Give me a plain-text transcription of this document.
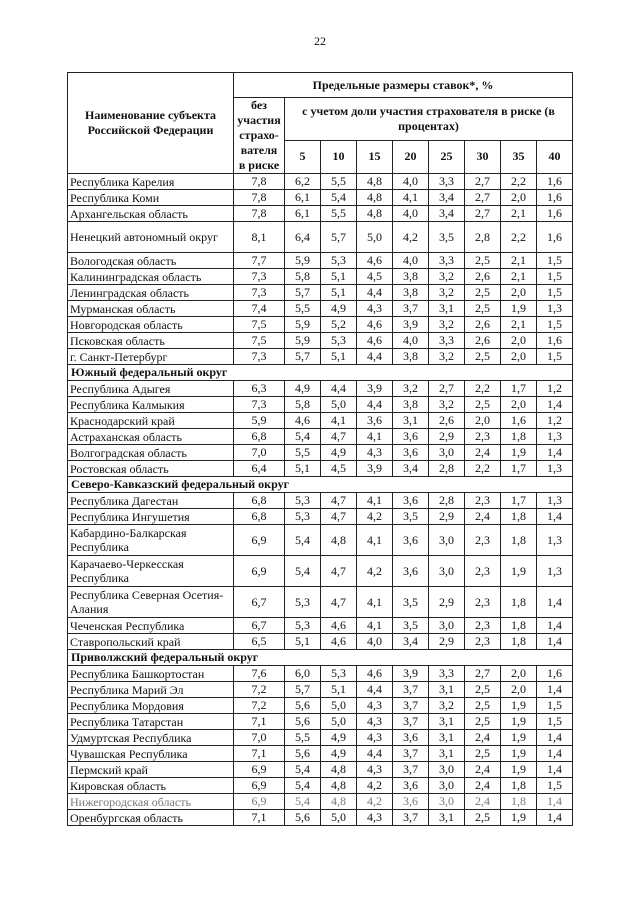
22
Наименование субъекта Российской Федерации	Предельные размеры ставок*, %								
	без участия страхо-вателя в риске	с учетом доли участия страхователя в риске (в процентах)							
		5	10	15	20	25	30	35	40
Республика Карелия	7,8	6,2	5,5	4,8	4,0	3,3	2,7	2,2	1,6
Республика Коми	7,8	6,1	5,4	4,8	4,1	3,4	2,7	2,0	1,6
Архангельская область	7,8	6,1	5,5	4,8	4,0	3,4	2,7	2,1	1,6
Ненецкий автономный округ	8,1	6,4	5,7	5,0	4,2	3,5	2,8	2,2	1,6
Вологодская область	7,7	5,9	5,3	4,6	4,0	3,3	2,5	2,1	1,5
Калининградская область	7,3	5,8	5,1	4,5	3,8	3,2	2,6	2,1	1,5
Ленинградская область	7,3	5,7	5,1	4,4	3,8	3,2	2,5	2,0	1,5
Мурманская область	7,4	5,5	4,9	4,3	3,7	3,1	2,5	1,9	1,3
Новгородская область	7,5	5,9	5,2	4,6	3,9	3,2	2,6	2,1	1,5
Псковская область	7,5	5,9	5,3	4,6	4,0	3,3	2,6	2,0	1,6
г. Санкт-Петербург	7,3	5,7	5,1	4,4	3,8	3,2	2,5	2,0	1,5
Южный федеральный округ									
Республика Адыгея	6,3	4,9	4,4	3,9	3,2	2,7	2,2	1,7	1,2
Республика Калмыкия	7,3	5,8	5,0	4,4	3,8	3,2	2,5	2,0	1,4
Краснодарский край	5,9	4,6	4,1	3,6	3,1	2,6	2,0	1,6	1,2
Астраханская область	6,8	5,4	4,7	4,1	3,6	2,9	2,3	1,8	1,3
Волгоградская область	7,0	5,5	4,9	4,3	3,6	3,0	2,4	1,9	1,4
Ростовская область	6,4	5,1	4,5	3,9	3,4	2,8	2,2	1,7	1,3
Северо-Кавказский федеральный округ									
Республика Дагестан	6,8	5,3	4,7	4,1	3,6	2,8	2,3	1,7	1,3
Республика Ингушетия	6,8	5,3	4,7	4,2	3,5	2,9	2,4	1,8	1,4
Кабардино-Балкарская Республика	6,9	5,4	4,8	4,1	3,6	3,0	2,3	1,8	1,3
Карачаево-Черкесская Республика	6,9	5,4	4,7	4,2	3,6	3,0	2,3	1,9	1,3
Республика Северная Осетия-Алания	6,7	5,3	4,7	4,1	3,5	2,9	2,3	1,8	1,4
Чеченская Республика	6,7	5,3	4,6	4,1	3,5	3,0	2,3	1,8	1,4
Ставропольский край	6,5	5,1	4,6	4,0	3,4	2,9	2,3	1,8	1,4
Приволжский федеральный округ									
Республика Башкортостан	7,6	6,0	5,3	4,6	3,9	3,3	2,7	2,0	1,6
Республика Марий Эл	7,2	5,7	5,1	4,4	3,7	3,1	2,5	2,0	1,4
Республика Мордовия	7,2	5,6	5,0	4,3	3,7	3,2	2,5	1,9	1,5
Республика Татарстан	7,1	5,6	5,0	4,3	3,7	3,1	2,5	1,9	1,5
Удмуртская Республика	7,0	5,5	4,9	4,3	3,6	3,1	2,4	1,9	1,4
Чувашская Республика	7,1	5,6	4,9	4,4	3,7	3,1	2,5	1,9	1,4
Пермский край	6,9	5,4	4,8	4,3	3,7	3,0	2,4	1,9	1,4
Кировская область	6,9	5,4	4,8	4,2	3,6	3,0	2,4	1,8	1,5
Нижегородская область	6,9	5,4	4,8	4,2	3,6	3,0	2,4	1,8	1,4
Оренбургская область	7,1	5,6	5,0	4,3	3,7	3,1	2,5	1,9	1,4
